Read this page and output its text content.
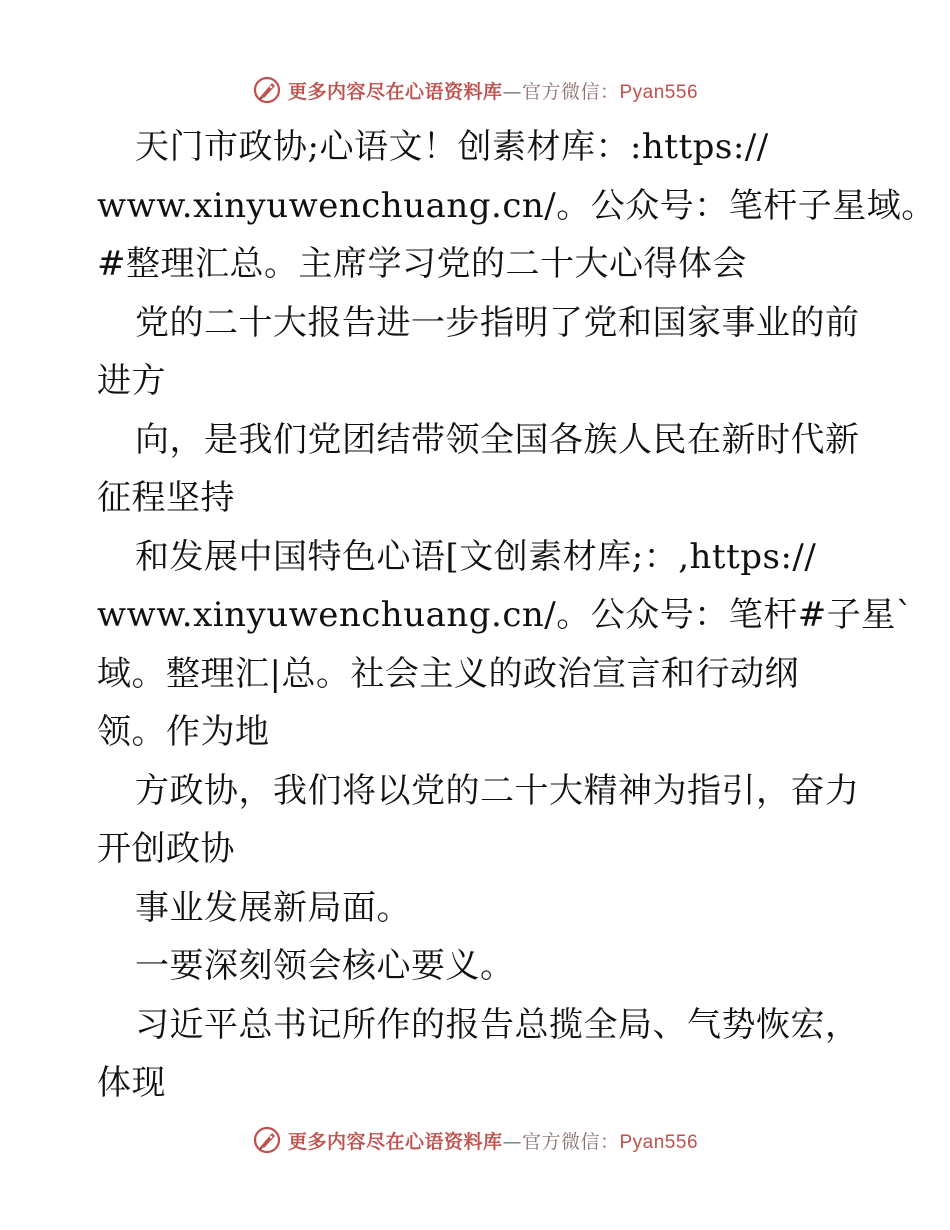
更多内容尽在心语资料库—官方微信：Pyan556
天门市政协;心语文！创素材库：:https://
www.xinyuwenchuang.cn/。公众号：笔杆子星域。
#整理汇总。主席学习党的二十大心得体会
党的二十大报告进一步指明了党和国家事业的前
进方
向，是我们党团结带领全国各族人民在新时代新
征程坚持
和发展中国特色心语[文创素材库;：,https://
www.xinyuwenchuang.cn/。公众号：笔杆#子星`
域。整理汇|总。社会主义的政治宣言和行动纲
领。作为地
方政协，我们将以党的二十大精神为指引，奋力
开创政协
事业发展新局面。
一要深刻领会核心要义。
习近平总书记所作的报告总揽全局、气势恢宏，
体现
更多内容尽在心语资料库—官方微信：Pyan556
